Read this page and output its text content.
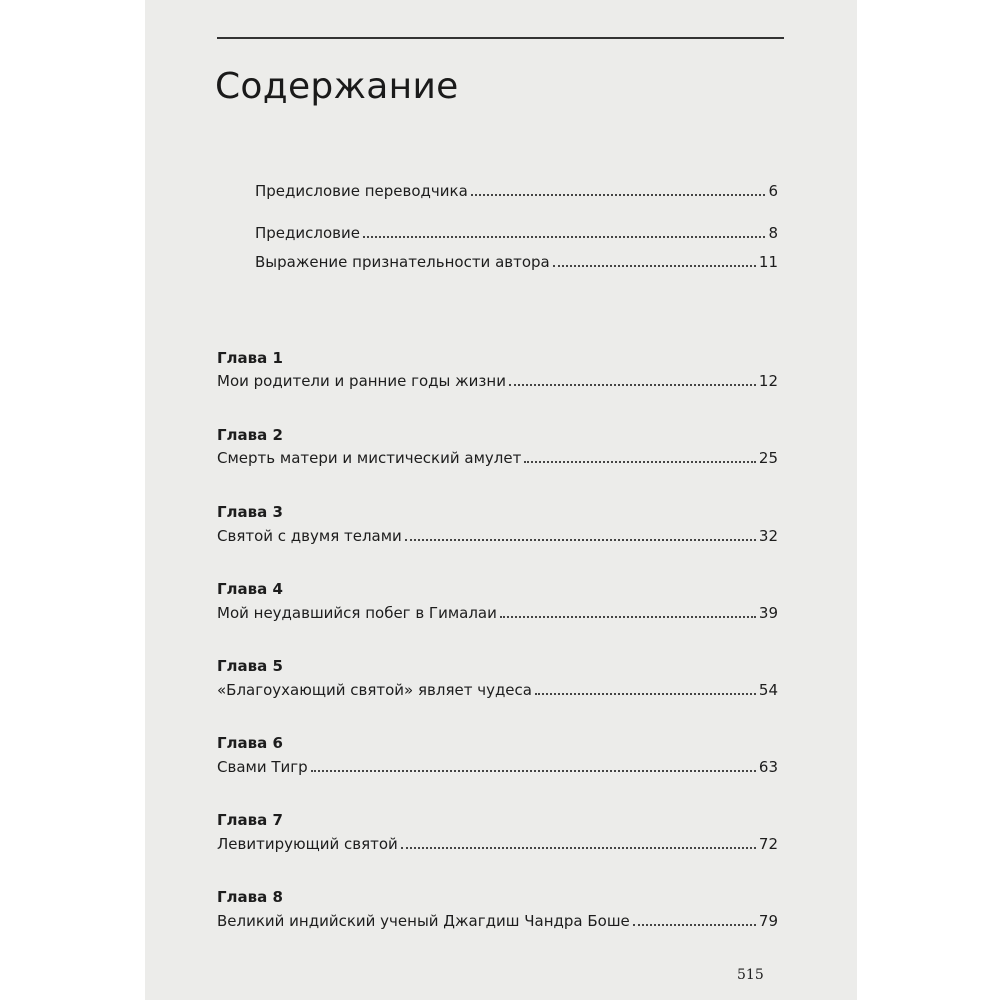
Содержание
Предисловие переводчика	6
Предисловие	8
Выражение признательности автора	11
Глава 1
Мои родители и ранние годы жизни	12
Глава 2
Смерть матери и мистический амулет	25
Глава 3
Святой с двумя телами	32
Глава 4
Мой неудавшийся побег в Гималаи	39
Глава 5
«Благоухающий святой» являет чудеса	54
Глава 6
Свами Тигр	63
Глава 7
Левитирующий святой	72
Глава 8
Великий индийский ученый Джагдиш Чандра Боше	79
515
